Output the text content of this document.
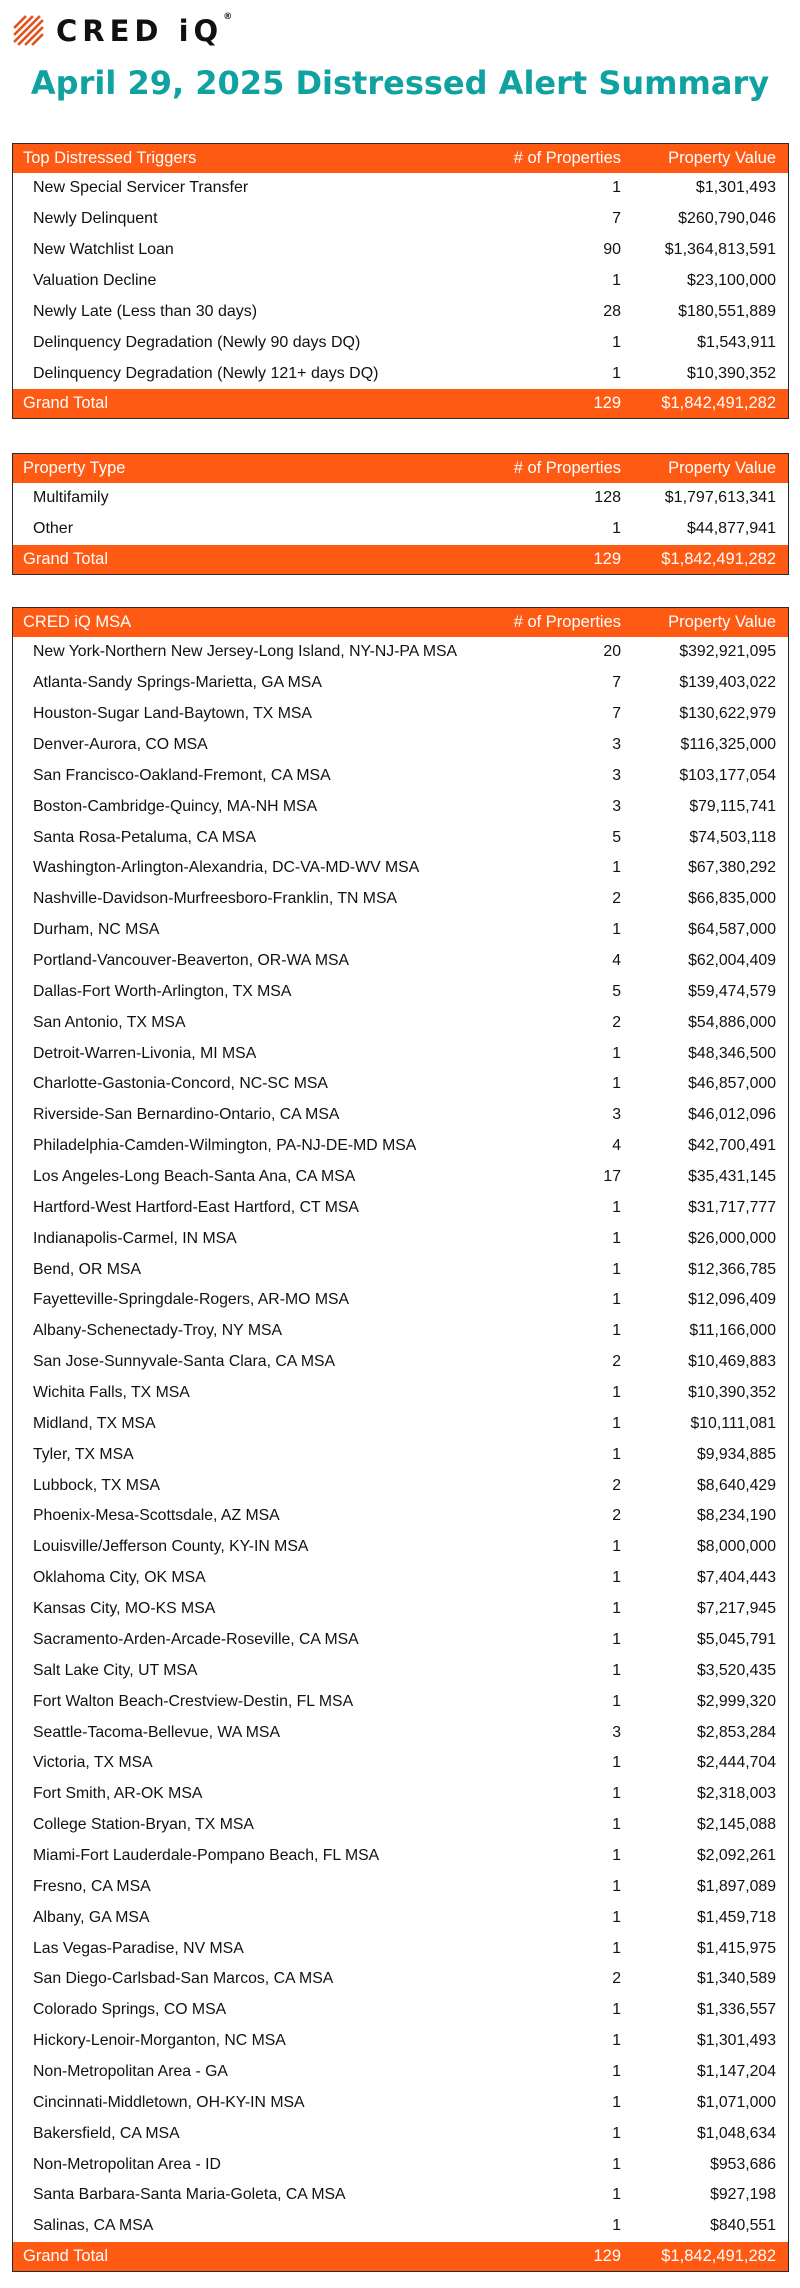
CRED iQ®
April 29, 2025 Distressed Alert Summary
Top Distressed Triggers	# of Properties	Property Value
New Special Servicer Transfer	1	$1,301,493
Newly Delinquent	7	$260,790,046
New Watchlist Loan	90	$1,364,813,591
Valuation Decline	1	$23,100,000
Newly Late (Less than 30 days)	28	$180,551,889
Delinquency Degradation (Newly 90 days DQ)	1	$1,543,911
Delinquency Degradation (Newly 121+ days DQ)	1	$10,390,352
Grand Total	129	$1,842,491,282
Property Type	# of Properties	Property Value
Multifamily	128	$1,797,613,341
Other	1	$44,877,941
Grand Total	129	$1,842,491,282
CRED iQ MSA	# of Properties	Property Value
New York-Northern New Jersey-Long Island, NY-NJ-PA MSA	20	$392,921,095
Atlanta-Sandy Springs-Marietta, GA MSA	7	$139,403,022
Houston-Sugar Land-Baytown, TX MSA	7	$130,622,979
Denver-Aurora, CO MSA	3	$116,325,000
San Francisco-Oakland-Fremont, CA MSA	3	$103,177,054
Boston-Cambridge-Quincy, MA-NH MSA	3	$79,115,741
Santa Rosa-Petaluma, CA MSA	5	$74,503,118
Washington-Arlington-Alexandria, DC-VA-MD-WV MSA	1	$67,380,292
Nashville-Davidson-Murfreesboro-Franklin, TN MSA	2	$66,835,000
Durham, NC MSA	1	$64,587,000
Portland-Vancouver-Beaverton, OR-WA MSA	4	$62,004,409
Dallas-Fort Worth-Arlington, TX MSA	5	$59,474,579
San Antonio, TX MSA	2	$54,886,000
Detroit-Warren-Livonia, MI MSA	1	$48,346,500
Charlotte-Gastonia-Concord, NC-SC MSA	1	$46,857,000
Riverside-San Bernardino-Ontario, CA MSA	3	$46,012,096
Philadelphia-Camden-Wilmington, PA-NJ-DE-MD MSA	4	$42,700,491
Los Angeles-Long Beach-Santa Ana, CA MSA	17	$35,431,145
Hartford-West Hartford-East Hartford, CT MSA	1	$31,717,777
Indianapolis-Carmel, IN MSA	1	$26,000,000
Bend, OR MSA	1	$12,366,785
Fayetteville-Springdale-Rogers, AR-MO MSA	1	$12,096,409
Albany-Schenectady-Troy, NY MSA	1	$11,166,000
San Jose-Sunnyvale-Santa Clara, CA MSA	2	$10,469,883
Wichita Falls, TX MSA	1	$10,390,352
Midland, TX MSA	1	$10,111,081
Tyler, TX MSA	1	$9,934,885
Lubbock, TX MSA	2	$8,640,429
Phoenix-Mesa-Scottsdale, AZ MSA	2	$8,234,190
Louisville/Jefferson County, KY-IN MSA	1	$8,000,000
Oklahoma City, OK MSA	1	$7,404,443
Kansas City, MO-KS MSA	1	$7,217,945
Sacramento-Arden-Arcade-Roseville, CA MSA	1	$5,045,791
Salt Lake City, UT MSA	1	$3,520,435
Fort Walton Beach-Crestview-Destin, FL MSA	1	$2,999,320
Seattle-Tacoma-Bellevue, WA MSA	3	$2,853,284
Victoria, TX MSA	1	$2,444,704
Fort Smith, AR-OK MSA	1	$2,318,003
College Station-Bryan, TX MSA	1	$2,145,088
Miami-Fort Lauderdale-Pompano Beach, FL MSA	1	$2,092,261
Fresno, CA MSA	1	$1,897,089
Albany, GA MSA	1	$1,459,718
Las Vegas-Paradise, NV MSA	1	$1,415,975
San Diego-Carlsbad-San Marcos, CA MSA	2	$1,340,589
Colorado Springs, CO MSA	1	$1,336,557
Hickory-Lenoir-Morganton, NC MSA	1	$1,301,493
Non-Metropolitan Area - GA	1	$1,147,204
Cincinnati-Middletown, OH-KY-IN MSA	1	$1,071,000
Bakersfield, CA MSA	1	$1,048,634
Non-Metropolitan Area - ID	1	$953,686
Santa Barbara-Santa Maria-Goleta, CA MSA	1	$927,198
Salinas, CA MSA	1	$840,551
Grand Total	129	$1,842,491,282
